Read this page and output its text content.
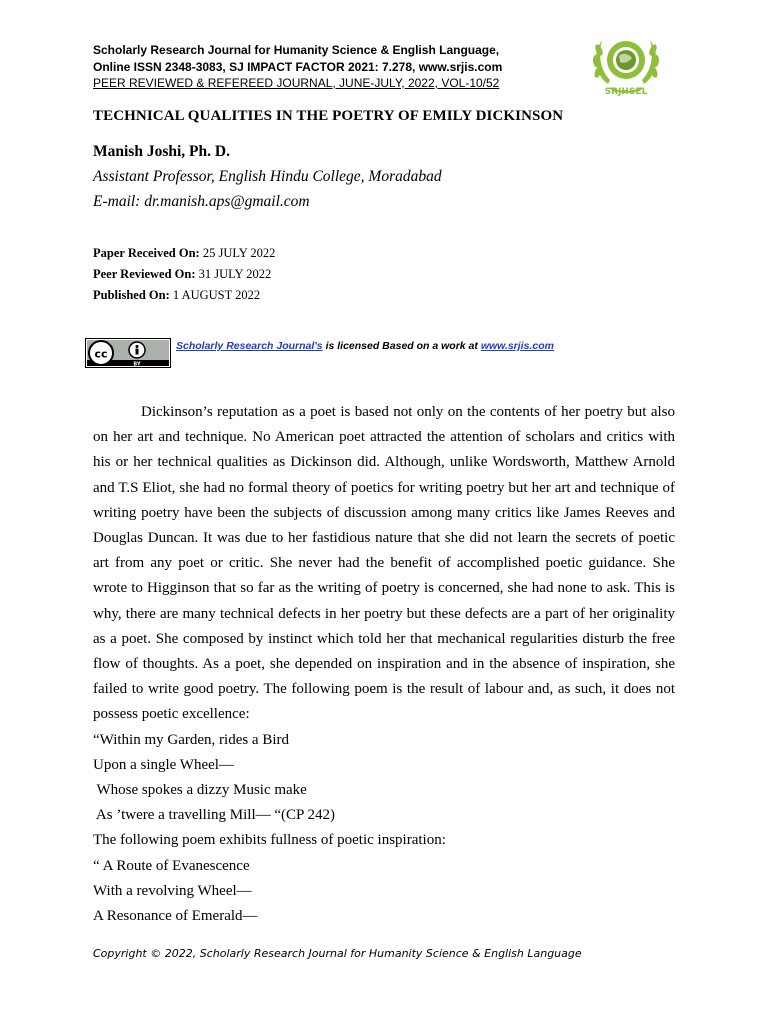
Scholarly Research Journal for Humanity Science & English Language,
Online ISSN 2348-3083, SJ IMPACT FACTOR 2021: 7.278, www.srjis.com
PEER REVIEWED & REFEREED JOURNAL, JUNE-JULY, 2022, VOL-10/52
SRJHSEL
TECHNICAL QUALITIES IN THE POETRY OF EMILY DICKINSON
Manish Joshi, Ph. D.
Assistant Professor, English Hindu College, Moradabad
E-mail: dr.manish.aps@gmail.com
Paper Received On: 25 JULY 2022
Peer Reviewed On: 31 JULY 2022
Published On: 1 AUGUST 2022
cc
BY
Scholarly Research Journal's is licensed Based on a work at www.srjis.com

Dickinson’s reputation as a poet is based not only on the contents of her poetry but also on her art and technique. No American poet attracted the attention of scholars and critics with his or her technical qualities as Dickinson did. Although, unlike Wordsworth, Matthew Arnold and T.S Eliot, she had no formal theory of poetics for writing poetry but her art and technique of writing poetry have been the subjects of discussion among many critics like James Reeves and Douglas Duncan. It was due to her fastidious nature that she did not learn the secrets of poetic art from any poet or critic. She never had the benefit of accomplished poetic guidance. She wrote to Higginson that so far as the writing of poetry is concerned, she had none to ask. This is why, there are many technical defects in her poetry but these defects are a part of her originality as a poet. She composed by instinct which told her that mechanical regularities disturb the free flow of thoughts. As a poet, she depended on inspiration and in the absence of inspiration, she failed to write good poetry. The following poem is the result of labour and, as such, it does not possess poetic excellence:

“Within my Garden, rides a Bird
Upon a single Wheel—
Whose spokes a dizzy Music make
As ’twere a travelling Mill— “(CP 242)
The following poem exhibits fullness of poetic inspiration:
“ A Route of Evanescence
With a revolving Wheel—
A Resonance of Emerald—
Copyright © 2022, Scholarly Research Journal for Humanity Science & English Language
